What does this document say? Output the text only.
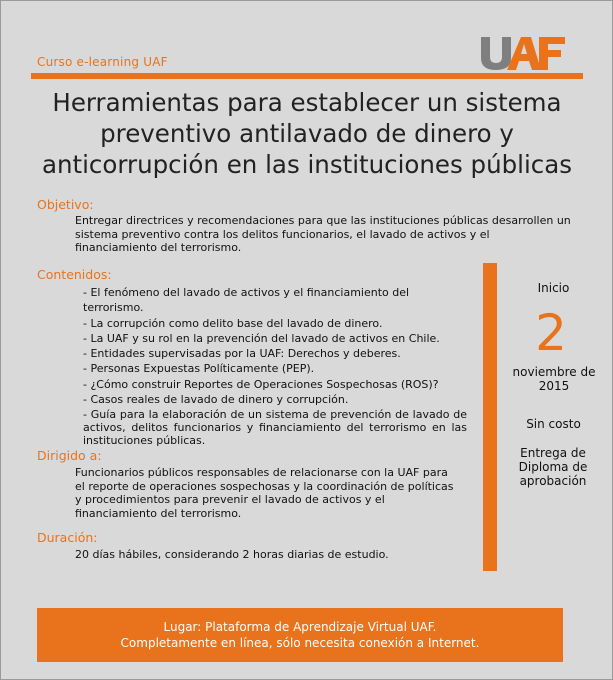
Curso e-learning UAF
Herramientas para establecer un sistema
preventivo antilavado de dinero y
anticorrupción en las instituciones públicas
Objetivo:

Entregar directrices y recomendaciones para que las instituciones públicas desarrollen un sistema preventivo contra los delitos funcionarios, el lavado de activos y el financiamiento del terrorismo.

Contenidos:
- El fenómeno del lavado de activos y el financiamiento del terrorismo.
- La corrupción como delito base del lavado de dinero.
- La UAF y su rol en la prevención del lavado de activos en Chile.
- Entidades supervisadas por la UAF: Derechos y deberes.
- Personas Expuestas Políticamente (PEP).
- ¿Cómo construir Reportes de Operaciones Sospechosas (ROS)?
- Casos reales de lavado de dinero y corrupción.
- Guía para la elaboración de un sistema de prevención de lavado de activos, delitos funcionarios y financiamiento del terrorismo en las instituciones públicas.
Dirigido a:

Funcionarios públicos responsables de relacionarse con la UAF para el reporte de operaciones sospechosas y la coordinación de políticas y procedimientos para prevenir el lavado de activos y el financiamiento del terrorismo.

Duración:

20 días hábiles, considerando 2 horas diarias de estudio.

Inicio
2
noviembre de 2015
Sin costo
Entrega de Diploma de aprobación
Lugar: Plataforma de Aprendizaje Virtual UAF.
Completamente en línea, sólo necesita conexión a Internet.
